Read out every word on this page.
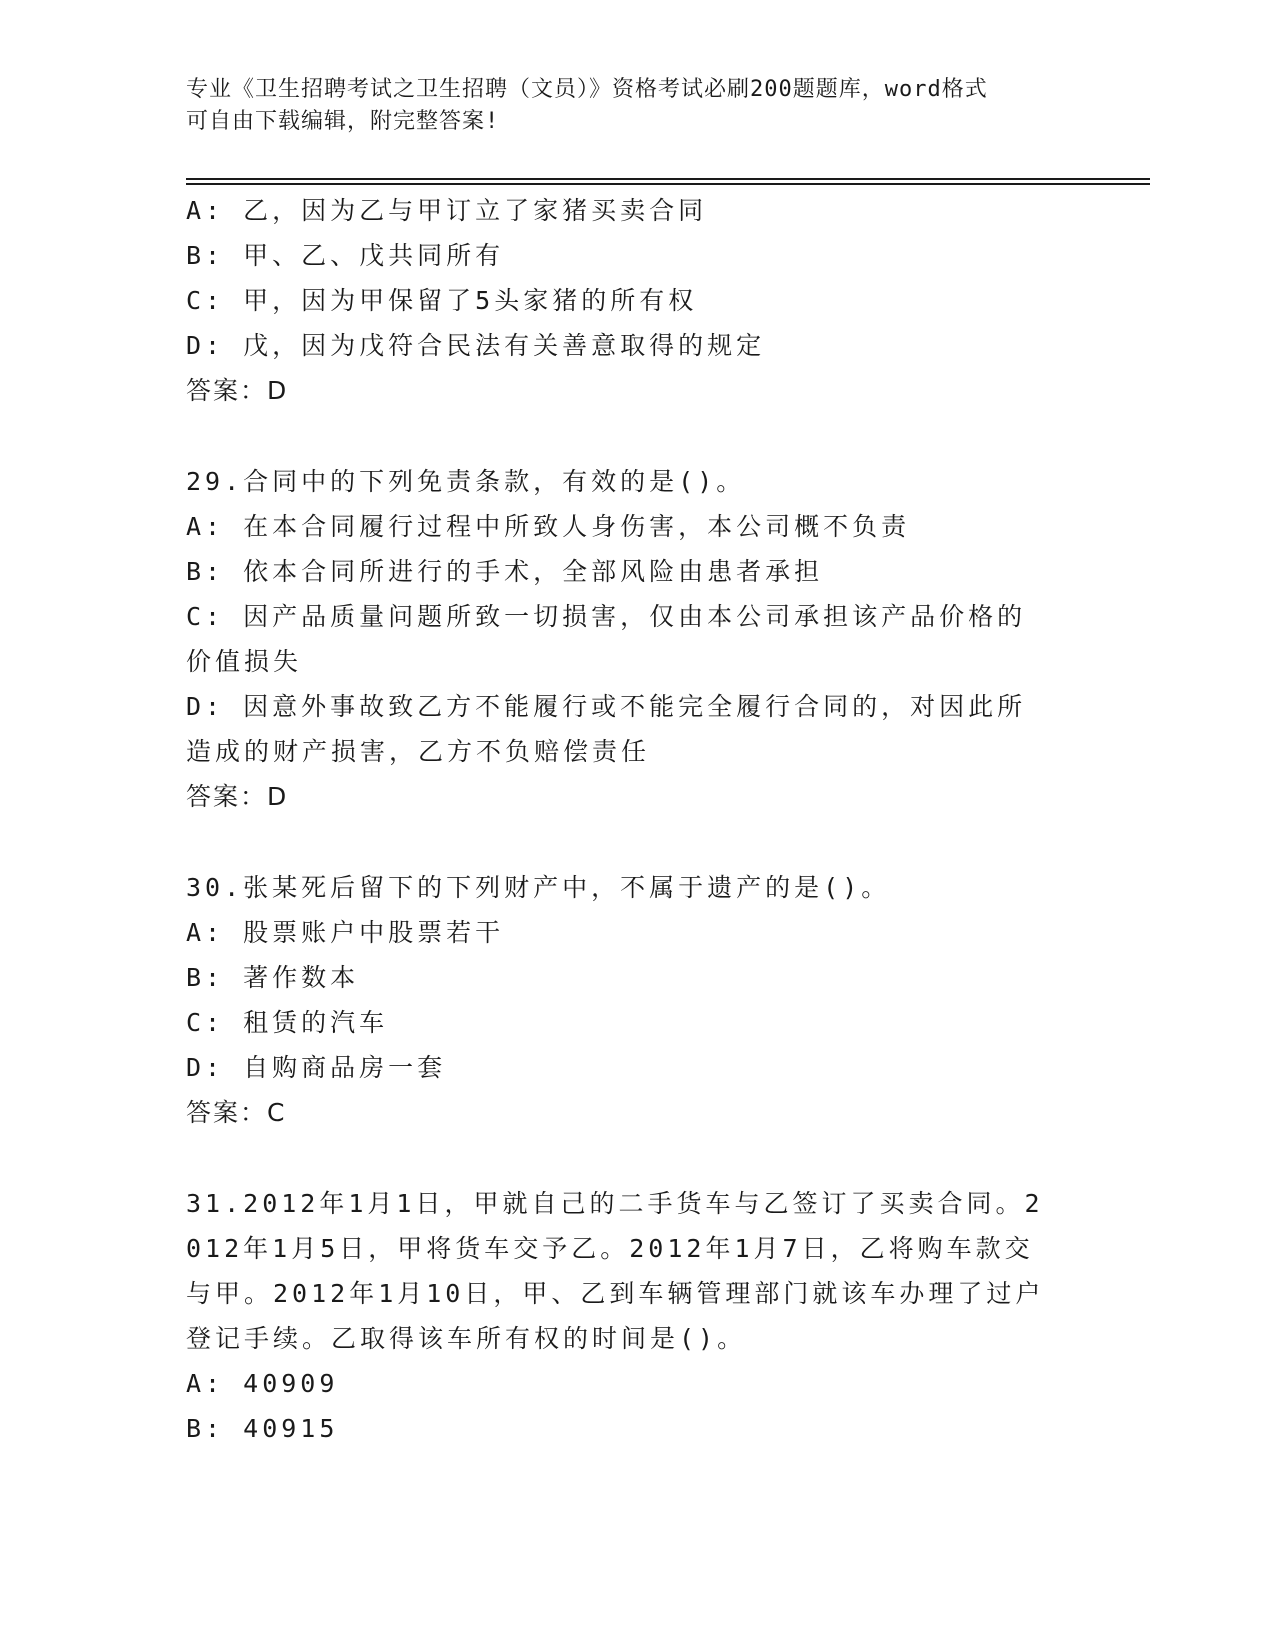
专业《卫生招聘考试之卫生招聘（文员）》资格考试必刷200题题库，word格式
可自由下载编辑，附完整答案!
A: 乙，因为乙与甲订立了家猪买卖合同
B: 甲、乙、戊共同所有
C: 甲，因为甲保留了5头家猪的所有权
D: 戊，因为戊符合民法有关善意取得的规定
答案：D
29.合同中的下列免责条款，有效的是()。
A: 在本合同履行过程中所致人身伤害，本公司概不负责
B: 依本合同所进行的手术，全部风险由患者承担
C: 因产品质量问题所致一切损害，仅由本公司承担该产品价格的价值损失
D: 因意外事故致乙方不能履行或不能完全履行合同的，对因此所造成的财产损害，乙方不负赔偿责任
答案：D
30.张某死后留下的下列财产中，不属于遗产的是()。
A: 股票账户中股票若干
B: 著作数本
C: 租赁的汽车
D: 自购商品房一套
答案：C
31.2012年1月1日，甲就自己的二手货车与乙签订了买卖合同。2012年1月5日，甲将货车交予乙。2012年1月7日，乙将购车款交与甲。2012年1月10日，甲、乙到车辆管理部门就该车办理了过户登记手续。乙取得该车所有权的时间是()。
A: 40909
B: 40915
